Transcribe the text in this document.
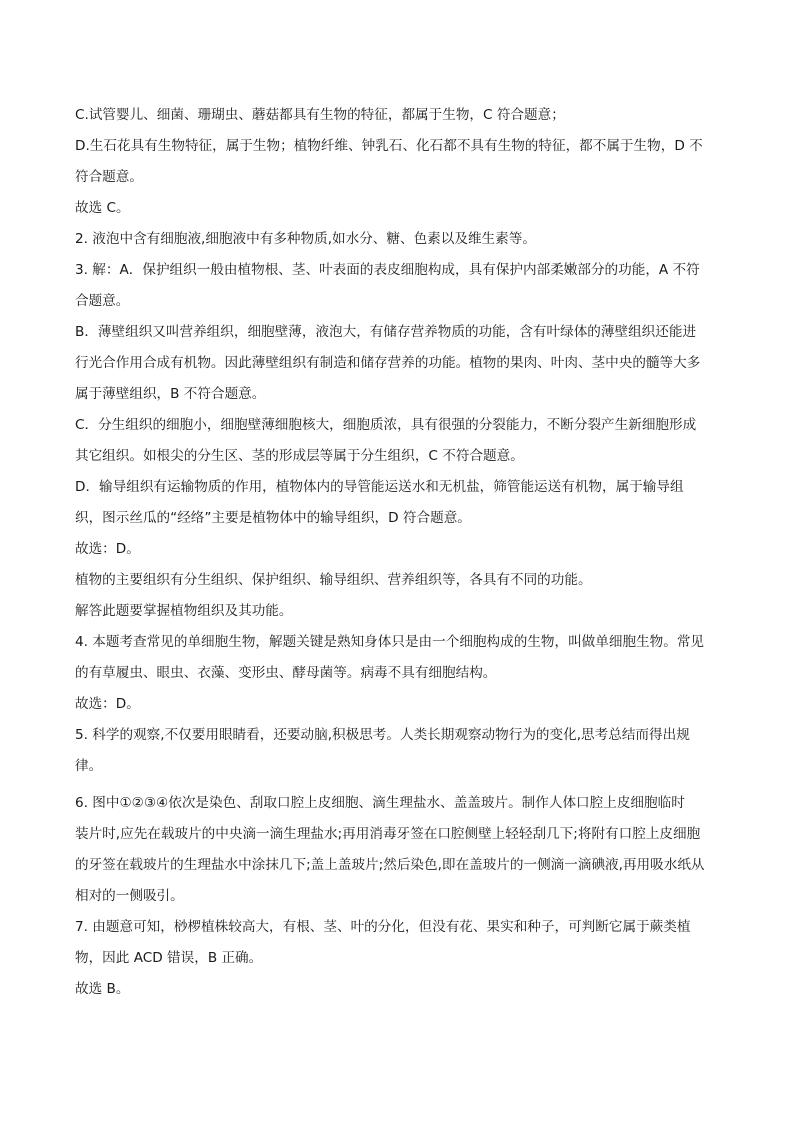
C.试管婴儿、细菌、珊瑚虫、蘑菇都具有生物的特征，都属于生物，C 符合题意；
D.生石花具有生物特征，属于生物；植物纤维、钟乳石、化石都不具有生物的特征，都不属于生物，D 不
符合题意。
故选 C。
2. 液泡中含有细胞液,细胞液中有多种物质,如水分、糖、色素以及维生素等。
3. 解：A．保护组织一般由植物根、茎、叶表面的表皮细胞构成，具有保护内部柔嫩部分的功能，A 不符
合题意。
B．薄壁组织又叫营养组织，细胞壁薄，液泡大，有储存营养物质的功能，含有叶绿体的薄壁组织还能进
行光合作用合成有机物。因此薄壁组织有制造和储存营养的功能。植物的果肉、叶肉、茎中央的髓等大多
属于薄壁组织，B 不符合题意。
C．分生组织的细胞小，细胞壁薄细胞核大，细胞质浓，具有很强的分裂能力，不断分裂产生新细胞形成
其它组织。如根尖的分生区、茎的形成层等属于分生组织，C 不符合题意。
D．输导组织有运输物质的作用，植物体内的导管能运送水和无机盐，筛管能运送有机物，属于输导组
织，图示丝瓜的“经络”主要是植物体中的输导组织，D 符合题意。
故选：D。
植物的主要组织有分生组织、保护组织、输导组织、营养组织等，各具有不同的功能。
解答此题要掌握植物组织及其功能。
4. 本题考查常见的单细胞生物，解题关键是熟知身体只是由一个细胞构成的生物，叫做单细胞生物。常见
的有草履虫、眼虫、衣藻、变形虫、酵母菌等。病毒不具有细胞结构。
故选：D。
5. 科学的观察,不仅要用眼睛看，还要动脑,积极思考。人类长期观察动物行为的变化,思考总结而得出规
律。
6. 图中①②③④依次是染色、刮取口腔上皮细胞、滴生理盐水、盖盖玻片。制作人体口腔上皮细胞临时
装片时,应先在载玻片的中央滴一滴生理盐水;再用消毒牙签在口腔侧壁上轻轻刮几下;将附有口腔上皮细胞
的牙签在载玻片的生理盐水中涂抹几下;盖上盖玻片;然后染色,即在盖玻片的一侧滴一滴碘液,再用吸水纸从
相对的一侧吸引。
7. 由题意可知，桫椤植株较高大，有根、茎、叶的分化，但没有花、果实和种子，可判断它属于蕨类植
物，因此 ACD 错误，B 正确。
故选 B。
